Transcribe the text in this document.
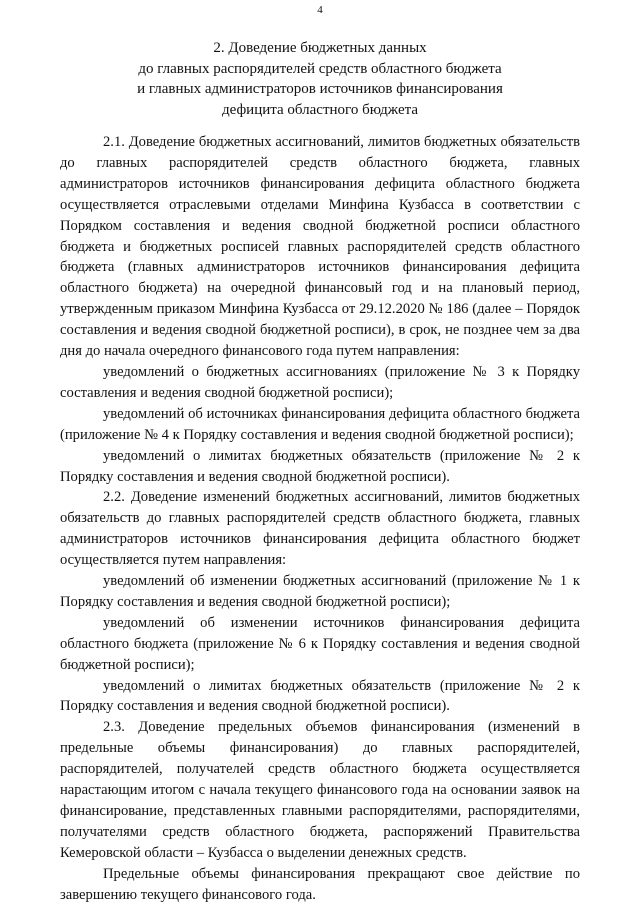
4
2. Доведение бюджетных данных
до главных распорядителей средств областного бюджета
и главных администраторов источников финансирования
дефицита областного бюджета

2.1. Доведение бюджетных ассигнований, лимитов бюджетных обязательств до главных распорядителей средств областного бюджета, главных администраторов источников финансирования дефицита областного бюджета осуществляется отраслевыми отделами Минфина Кузбасса в соответствии с Порядком составления и ведения сводной бюджетной росписи областного бюджета и бюджетных росписей главных распорядителей средств областного бюджета (главных администраторов источников финансирования дефицита областного бюджета) на очередной финансовый год и на плановый период, утвержденным приказом Минфина Кузбасса от 29.12.2020 № 186 (далее – Порядок составления и ведения сводной бюджетной росписи), в срок, не позднее чем за два дня до начала очередного финансового года путем направления:

уведомлений о бюджетных ассигнованиях (приложение № 3 к Порядку составления и ведения сводной бюджетной росписи);

уведомлений об источниках финансирования дефицита областного бюджета (приложение № 4 к Порядку составления и ведения сводной бюджетной росписи);

уведомлений о лимитах бюджетных обязательств (приложение № 2 к Порядку составления и ведения сводной бюджетной росписи).

2.2. Доведение изменений бюджетных ассигнований, лимитов бюджетных обязательств до главных распорядителей средств областного бюджета, главных администраторов источников финансирования дефицита областного бюджет осуществляется путем направления:

уведомлений об изменении бюджетных ассигнований (приложение № 1 к Порядку составления и ведения сводной бюджетной росписи);

уведомлений об изменении источников финансирования дефицита областного бюджета (приложение № 6 к Порядку составления и ведения сводной бюджетной росписи);

уведомлений о лимитах бюджетных обязательств (приложение № 2 к Порядку составления и ведения сводной бюджетной росписи).

2.3. Доведение предельных объемов финансирования (изменений в предельные объемы финансирования) до главных распорядителей, распорядителей, получателей средств областного бюджета осуществляется нарастающим итогом с начала текущего финансового года на основании заявок на финансирование, представленных главными распорядителями, распорядителями, получателями средств областного бюджета, распоряжений Правительства Кемеровской области – Кузбасса о выделении денежных средств.

Предельные объемы финансирования прекращают свое действие по завершению текущего финансового года.
